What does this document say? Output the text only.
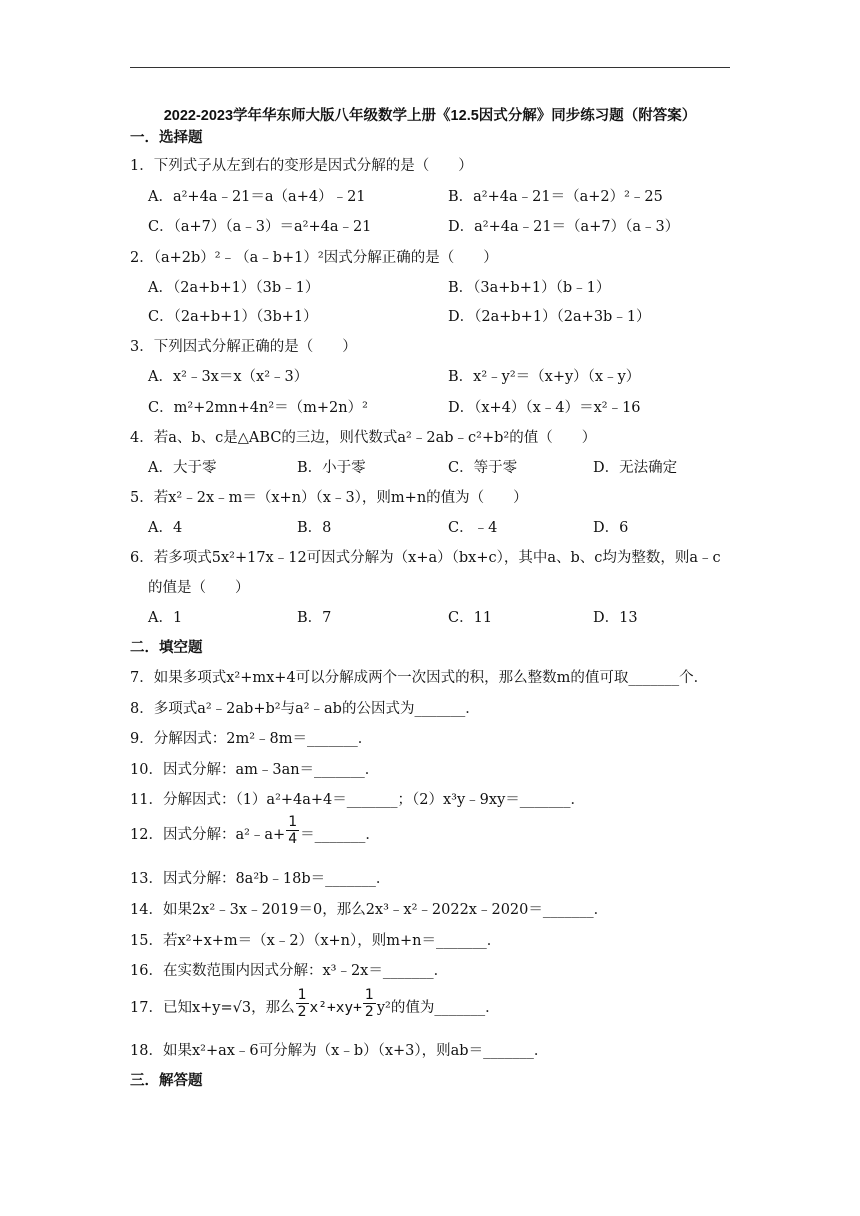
2022-2023学年华东师大版八年级数学上册《12.5因式分解》同步练习题（附答案）
一．选择题
1．下列式子从左到右的变形是因式分解的是（　　）
A．a²+4a﹣21＝a（a+4）﹣21	B．a²+4a﹣21＝（a+2）²﹣25
C．（a+7）（a﹣3）＝a²+4a﹣21	D．a²+4a﹣21＝（a+7）（a﹣3）
2．（a+2b）²﹣（a﹣b+1）²因式分解正确的是（　　）
A．（2a+b+1）（3b﹣1）	B．（3a+b+1）（b﹣1）
C．（2a+b+1）（3b+1）	D．（2a+b+1）（2a+3b﹣1）
3．下列因式分解正确的是（　　）
A．x²﹣3x＝x（x²﹣3）	B．x²﹣y²＝（x+y）（x﹣y）
C．m²+2mn+4n²＝（m+2n）²	D．（x+4）（x﹣4）＝x²﹣16
4．若a、b、c是△ABC的三边，则代数式a²﹣2ab﹣c²+b²的值（　　）
A．大于零	B．小于零	C．等于零	D．无法确定
5．若x²﹣2x﹣m＝（x+n）（x﹣3），则m+n的值为（　　）
A．4	B．8	C．﹣4	D．6
6．若多项式5x²+17x﹣12可因式分解为（x+a）（bx+c），其中a、b、c均为整数，则a﹣c
的值是（　　）
A．1	B．7	C．11	D．13
二．填空题
7．如果多项式x²+mx+4可以分解成两个一次因式的积，那么整数m的值可取_______个．
8．多项式a²﹣2ab+b²与a²﹣ab的公因式为_______．
9．分解因式：2m²﹣8m＝_______．
10．因式分解：am﹣3an＝_______．
11．分解因式：（1）a²+4a+4＝_______；（2）x³y﹣9xy＝_______．
12．因式分解：a²﹣a+ $\frac{1}{4}$ ＝_______．
13．因式分解：8a²b﹣18b＝_______．
14．如果2x²﹣3x﹣2019＝0，那么2x³﹣x²﹣2022x﹣2020＝_______．
15．若x²+x+m＝（x﹣2）（x+n），则m+n＝_______．
16．在实数范围内因式分解：x³﹣2x＝_______．
17．已知x+y=√3，那么 $\frac{1}{2} x^2+xy+ \frac{1}{2} y^2$的值为_______．
18．如果x²+ax﹣6可分解为（x﹣b）（x+3），则ab＝_______．
三．解答题
